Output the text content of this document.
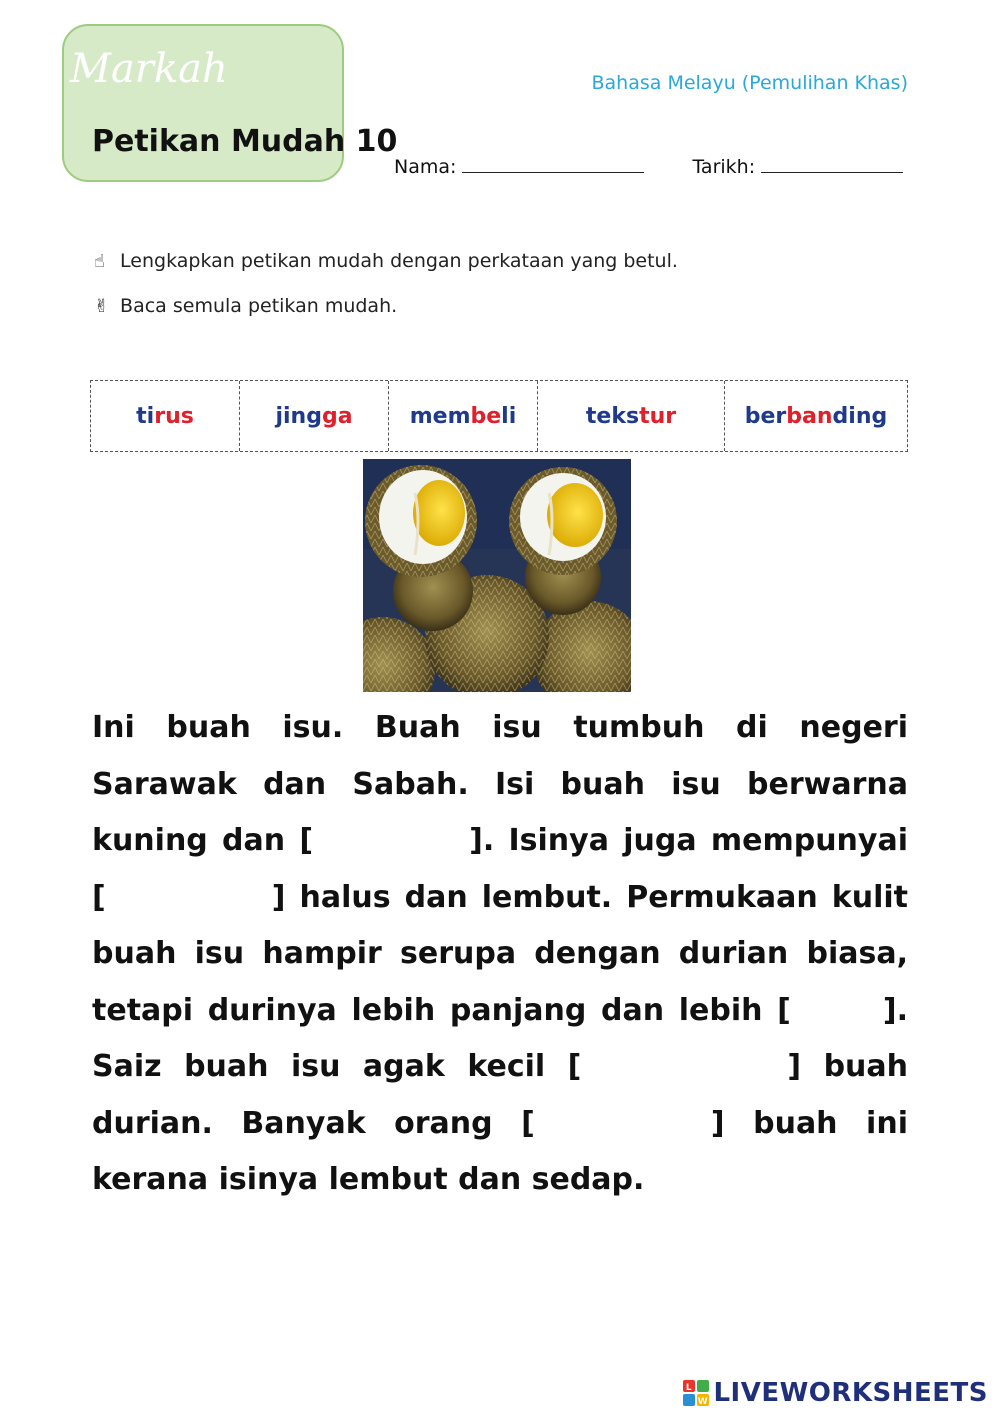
Markah	Bahasa Melayu (Pemulihan Khas)
Petikan Mudah 10
Nama:	Tarikh:
☝ Lengkapkan petikan mudah dengan perkataan yang betul.
✌ Baca semula petikan mudah.
ti rus	jing ga	mem be li	teks tur	ber ban ding
Ini buah isu. Buah isu tumbuh di negeri Sarawak dan Sabah. Isi buah isu berwarna kuning dan [	]. Isinya juga mempunyai [	] halus dan lembut. Permukaan kulit buah isu hampir serupa dengan durian biasa, tetapi durinya lebih panjang dan lebih [	]. Saiz buah isu agak kecil [	] buah durian. Banyak orang [	] buah ini kerana isinya lembut dan sedap.
L
W LIVEWORKSHEETS
